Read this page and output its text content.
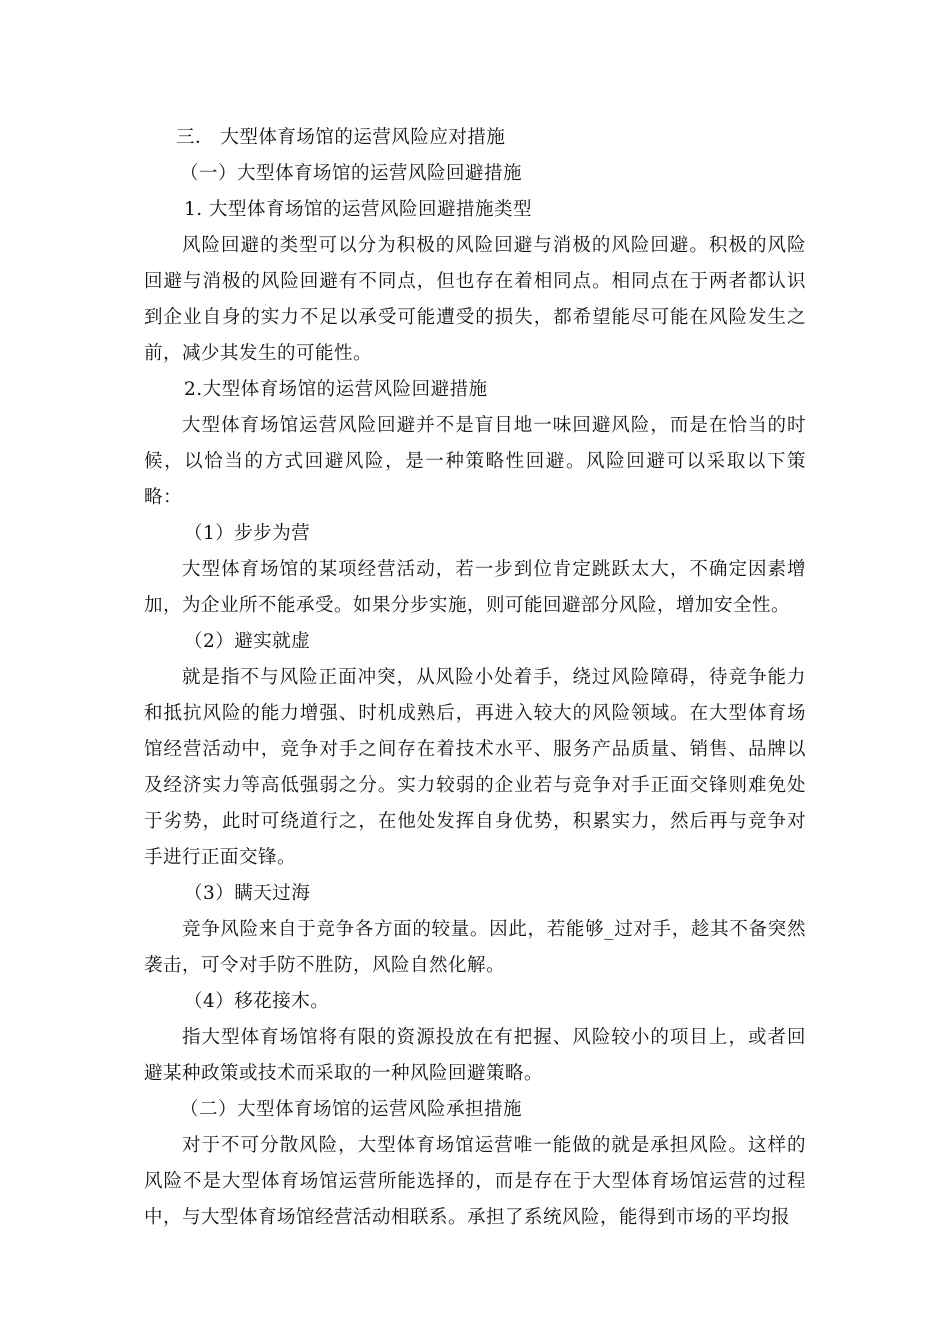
三． 大型体育场馆的运营风险应对措施

（一）大型体育场馆的运营风险回避措施

1. 大型体育场馆的运营风险回避措施类型

风险回避的类型可以分为积极的风险回避与消极的风险回避。积极的风险回避与消极的风险回避有不同点，但也存在着相同点。相同点在于两者都认识到企业自身的实力不足以承受可能遭受的损失，都希望能尽可能在风险发生之前，减少其发生的可能性。

2.大型体育场馆的运营风险回避措施

大型体育场馆运营风险回避并不是盲目地一味回避风险，而是在恰当的时候，以恰当的方式回避风险，是一种策略性回避。风险回避可以采取以下策略：

（1）步步为营

大型体育场馆的某项经营活动，若一步到位肯定跳跃太大，不确定因素增加，为企业所不能承受。如果分步实施，则可能回避部分风险，增加安全性。

（2）避实就虚

就是指不与风险正面冲突，从风险小处着手，绕过风险障碍，待竞争能力和抵抗风险的能力增强、时机成熟后，再进入较大的风险领域。在大型体育场馆经营活动中，竞争对手之间存在着技术水平、服务产品质量、销售、品牌以及经济实力等高低强弱之分。实力较弱的企业若与竞争对手正面交锋则难免处于劣势，此时可绕道行之，在他处发挥自身优势，积累实力，然后再与竞争对手进行正面交锋。

（3）瞒天过海

竞争风险来自于竞争各方面的较量。因此，若能够_过对手，趁其不备突然袭击，可令对手防不胜防，风险自然化解。

（4）移花接木。

指大型体育场馆将有限的资源投放在有把握、风险较小的项目上，或者回避某种政策或技术而采取的一种风险回避策略。

（二）大型体育场馆的运营风险承担措施

对于不可分散风险，大型体育场馆运营唯一能做的就是承担风险。这样的风险不是大型体育场馆运营所能选择的，而是存在于大型体育场馆运营的过程中，与大型体育场馆经营活动相联系。承担了系统风险，能得到市场的平均报
